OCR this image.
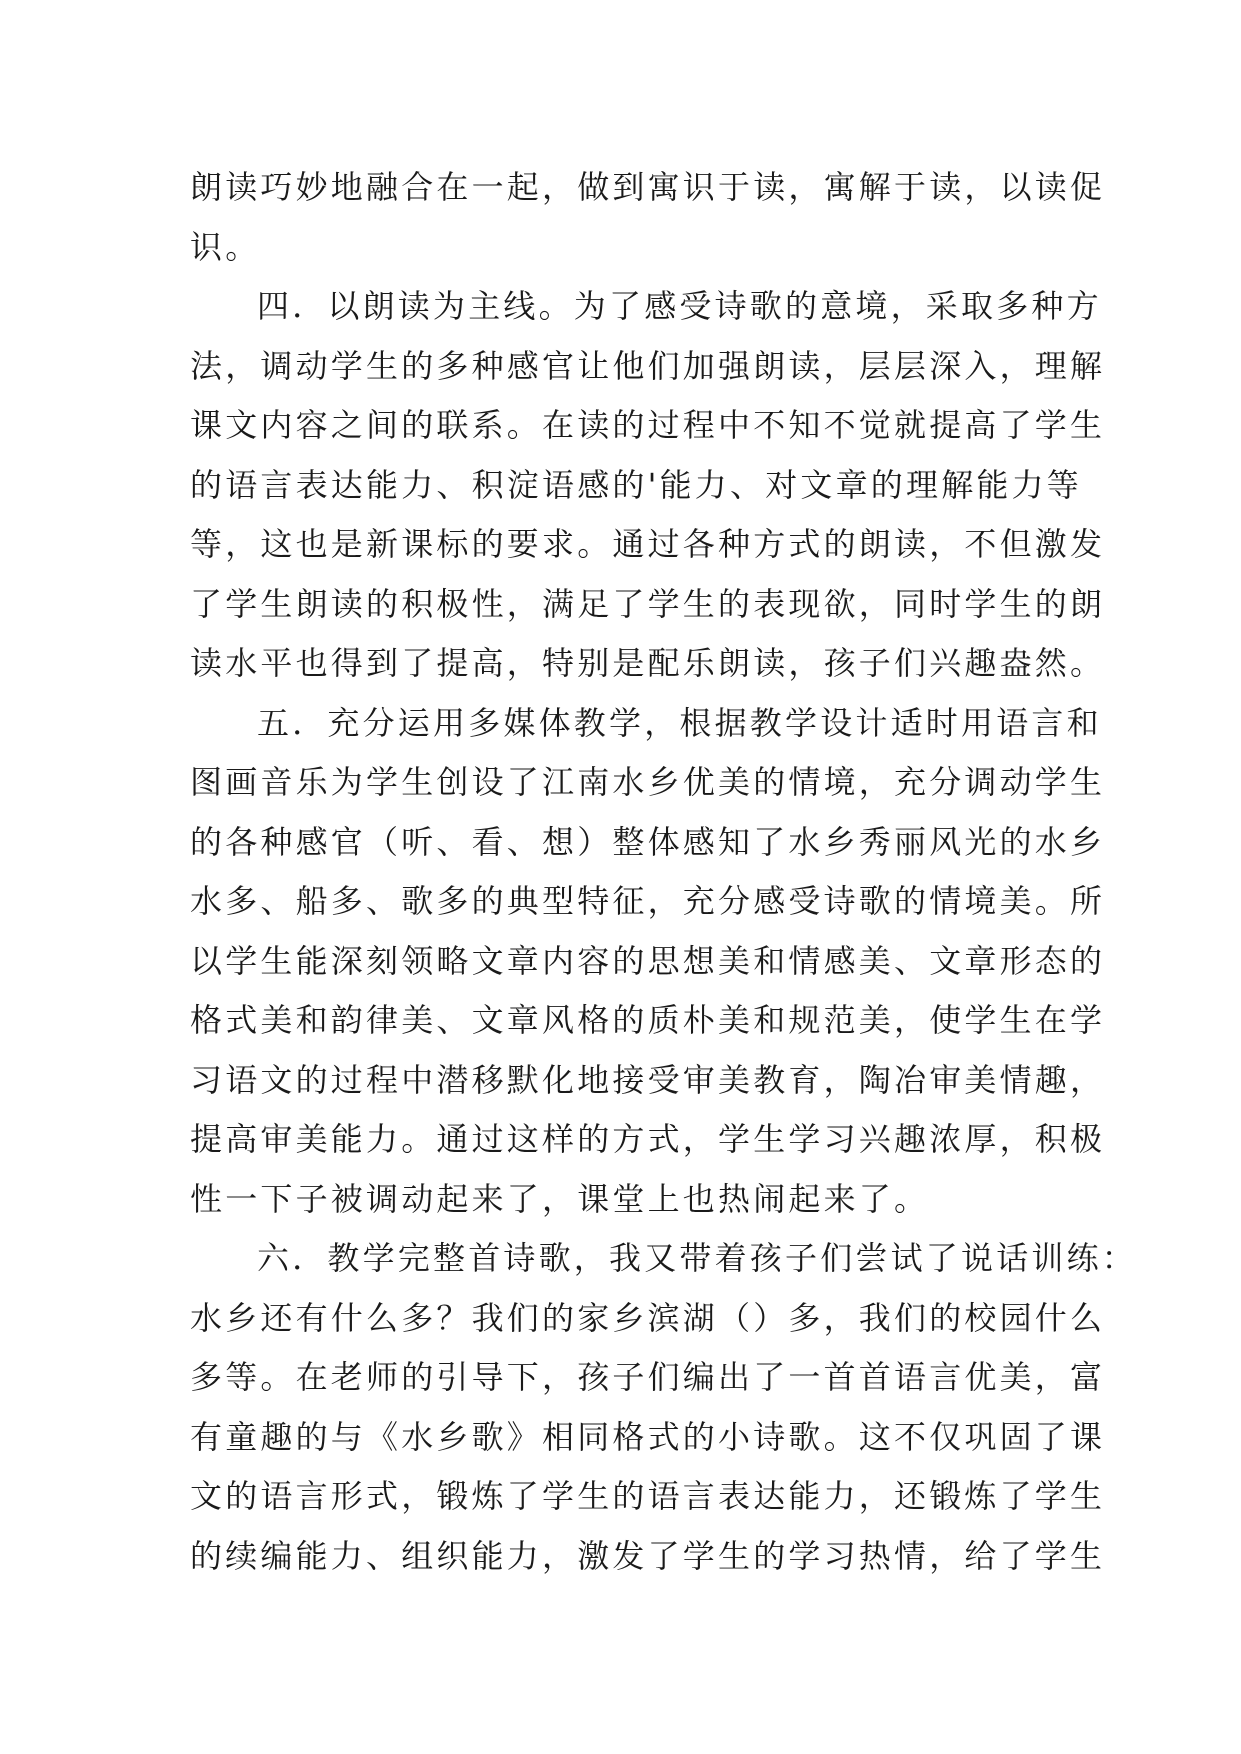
朗读巧妙地融合在一起，做到寓识于读，寓解于读，以读促
识。
四．以朗读为主线。为了感受诗歌的意境，采取多种方
法，调动学生的多种感官让他们加强朗读，层层深入，理解
课文内容之间的联系。在读的过程中不知不觉就提高了学生
的语言表达能力、积淀语感的'能力、对文章的理解能力等
等，这也是新课标的要求。通过各种方式的朗读，不但激发
了学生朗读的积极性，满足了学生的表现欲，同时学生的朗
读水平也得到了提高，特别是配乐朗读，孩子们兴趣盎然。
五．充分运用多媒体教学，根据教学设计适时用语言和
图画音乐为学生创设了江南水乡优美的情境，充分调动学生
的各种感官（听、看、想）整体感知了水乡秀丽风光的水乡
水多、船多、歌多的典型特征，充分感受诗歌的情境美。所
以学生能深刻领略文章内容的思想美和情感美、文章形态的
格式美和韵律美、文章风格的质朴美和规范美，使学生在学
习语文的过程中潜移默化地接受审美教育，陶冶审美情趣，
提高审美能力。通过这样的方式，学生学习兴趣浓厚，积极
性一下子被调动起来了，课堂上也热闹起来了。
六．教学完整首诗歌，我又带着孩子们尝试了说话训练：
水乡还有什么多？我们的家乡滨湖（）多，我们的校园什么
多等。在老师的引导下，孩子们编出了一首首语言优美，富
有童趣的与《水乡歌》相同格式的小诗歌。这不仅巩固了课
文的语言形式，锻炼了学生的语言表达能力，还锻炼了学生
的续编能力、组织能力，激发了学生的学习热情，给了学生
